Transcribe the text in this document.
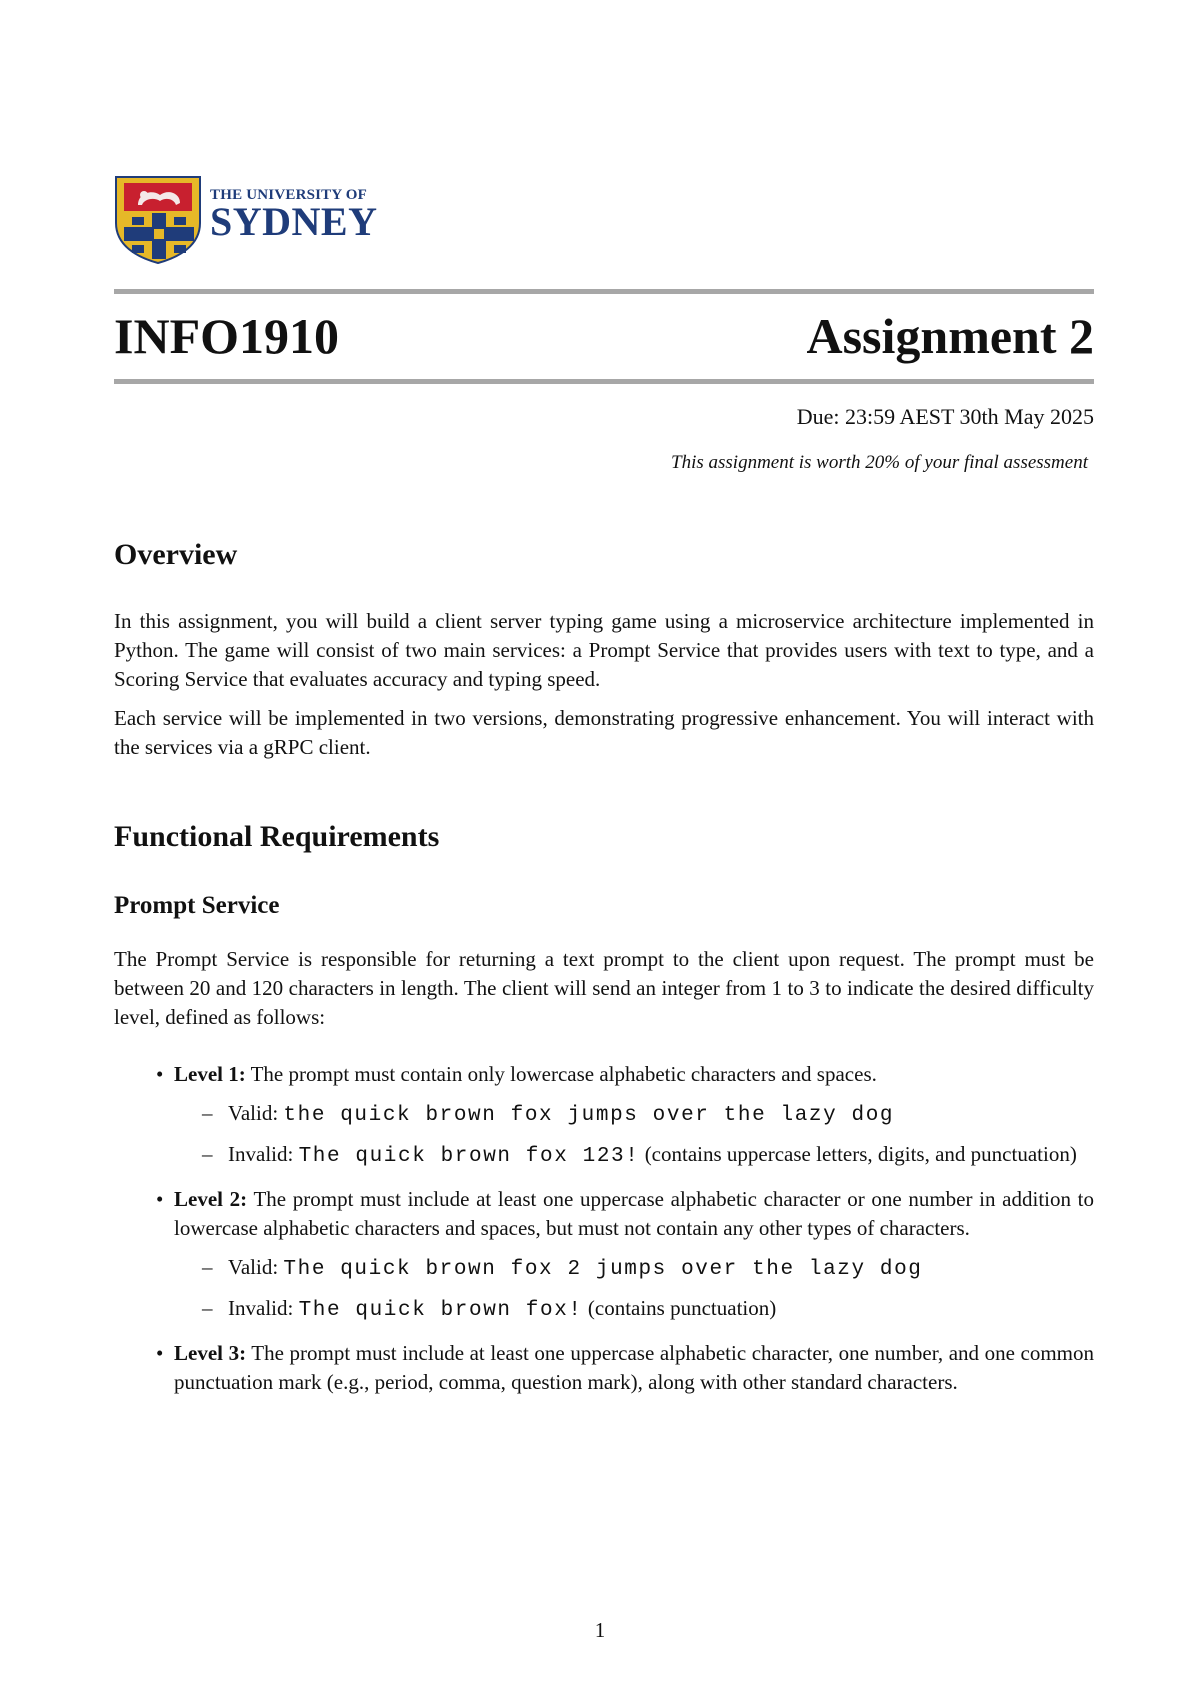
THE UNIVERSITY OF
SYDNEY
INFO1910	Assignment 2
Due: 23:59 AEST 30th May 2025
This assignment is worth 20% of your final assessment
Overview

In this assignment, you will build a client server typing game using a microservice architecture implemented in Python. The game will consist of two main services: a Prompt Service that provides users with text to type, and a Scoring Service that evaluates accuracy and typing speed.

Each service will be implemented in two versions, demonstrating progressive enhancement. You will interact with the services via a gRPC client.

Functional Requirements
Prompt Service

The Prompt Service is responsible for returning a text prompt to the client upon request. The prompt must be between 20 and 120 characters in length. The client will send an integer from 1 to 3 to indicate the desired difficulty level, defined as follows:

• Level 1: The prompt must contain only lowercase alphabetic characters and spaces.
– Valid: the quick brown fox jumps over the lazy dog
– Invalid: The quick brown fox 123! (contains uppercase letters, digits, and punctuation)
• Level 2: The prompt must include at least one uppercase alphabetic character or one number in addition to lowercase alphabetic characters and spaces, but must not contain any other types of characters.
– Valid: The quick brown fox 2 jumps over the lazy dog
– Invalid: The quick brown fox! (contains punctuation)
• Level 3: The prompt must include at least one uppercase alphabetic character, one number, and one common punctuation mark (e.g., period, comma, question mark), along with other standard characters.
1
